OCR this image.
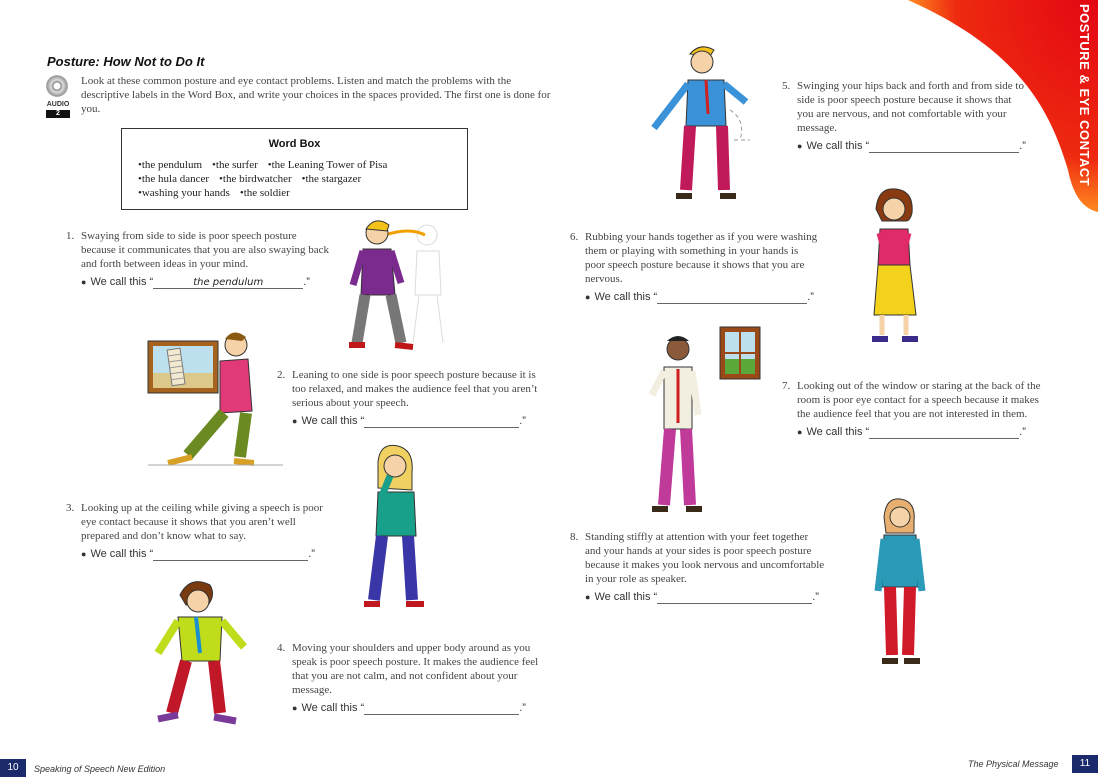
POSTURE & EYE CONTACT
Posture: How Not to Do It
AUDIO
2
Look at these common posture and eye contact problems. Listen and match the problems with the descriptive labels in the Word Box, and write your choices in the spaces provided. The first one is done for you.
Word Box
•the pendulum •the surfer •the Leaning Tower of Pisa
•the hula dancer •the birdwatcher •the stargazer
•washing your hands •the soldier
1. Swaying from side to side is poor speech posture because it communicates that you are also swaying back and forth between ideas in your mind.
● We call this “	the pendulum	.”
2. Leaning to one side is poor speech posture because it is too relaxed, and makes the audience feel that you aren’t serious about your speech.
● We call this “	.”
3. Looking up at the ceiling while giving a speech is poor eye contact because it shows that you aren’t well prepared and don’t know what to say.
● We call this “	.”
4. Moving your shoulders and upper body around as you speak is poor speech posture. It makes the audience feel that you are not calm, and not confident about your message.
● We call this “	.”
5. Swinging your hips back and forth and from side to side is poor speech posture because it shows that you are nervous, and not comfortable with your message.
● We call this “	.”
6. Rubbing your hands together as if you were washing them or playing with something in your hands is poor speech posture because it shows that you are nervous.
● We call this “	.”
7. Looking out of the window or staring at the back of the room is poor eye contact for a speech because it makes the audience feel that you are not interested in them.
● We call this “	.”
8. Standing stiffly at attention with your feet together and your hands at your sides is poor speech posture because it makes you look nervous and uncomfortable in your role as speaker.
● We call this “	.”
10	Speaking of Speech New Edition	The Physical Message	11
